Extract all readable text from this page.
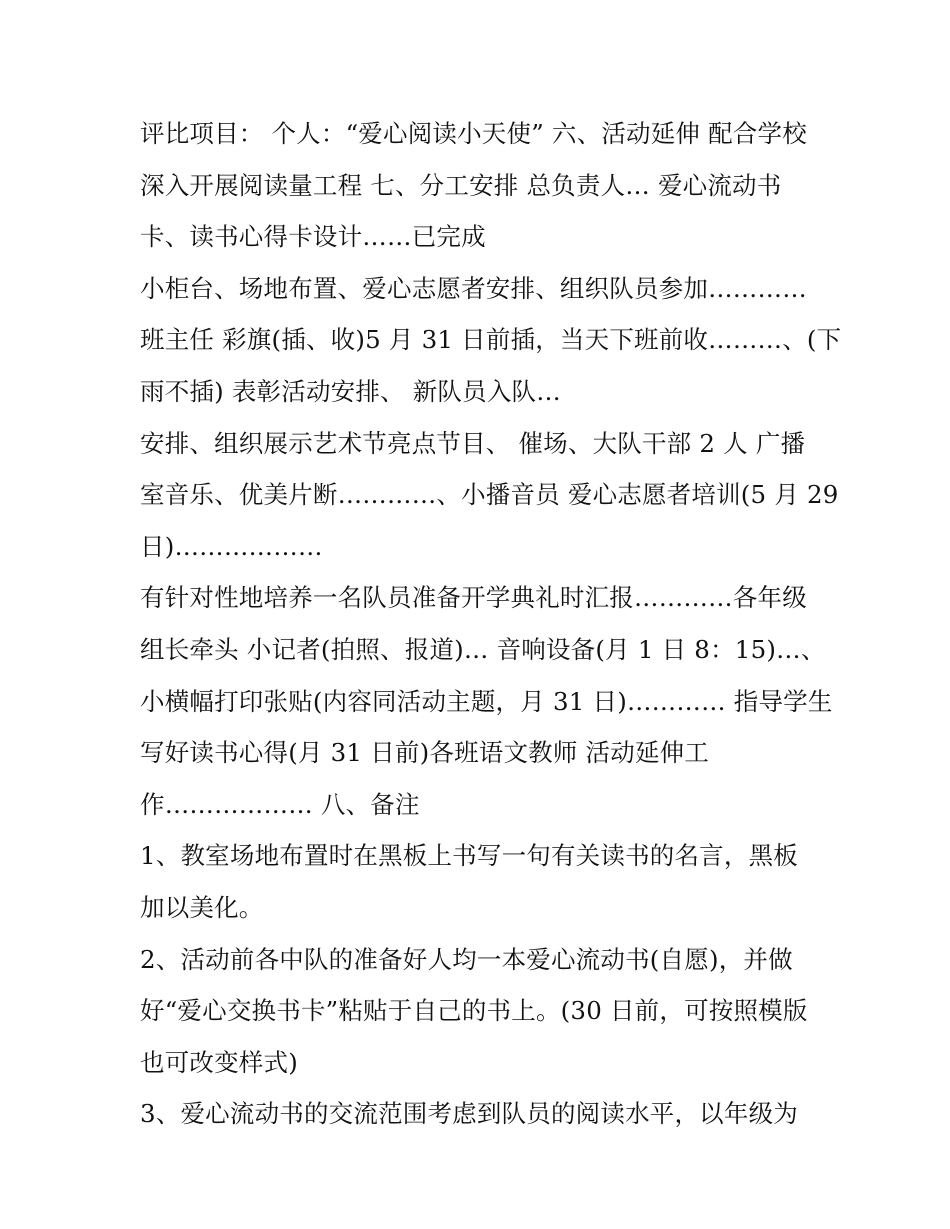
评比项目： 个人：“爱心阅读小天使” 六、活动延伸 配合学校
深入开展阅读量工程 七、分工安排 总负责人… 爱心流动书
卡、读书心得卡设计……已完成
小柜台、场地布置、爱心志愿者安排、组织队员参加…………
班主任 彩旗(插、收)5 月 31 日前插，当天下班前收………、(下
雨不插) 表彰活动安排、 新队员入队…
安排、组织展示艺术节亮点节目、 催场、大队干部 2 人 广播
室音乐、优美片断…………、小播音员 爱心志愿者培训(5 月 29
日)………………
有针对性地培养一名队员准备开学典礼时汇报…………各年级
组长牵头 小记者(拍照、报道)… 音响设备(月 1 日 8：15)…、
小横幅打印张贴(内容同活动主题，月 31 日)………… 指导学生
写好读书心得(月 31 日前)各班语文教师 活动延伸工
作……………… 八、备注
1、教室场地布置时在黑板上书写一句有关读书的名言，黑板
加以美化。
2、活动前各中队的准备好人均一本爱心流动书(自愿)，并做
好“爱心交换书卡”粘贴于自己的书上。(30 日前，可按照模版
也可改变样式)
3、爱心流动书的交流范围考虑到队员的阅读水平，以年级为
